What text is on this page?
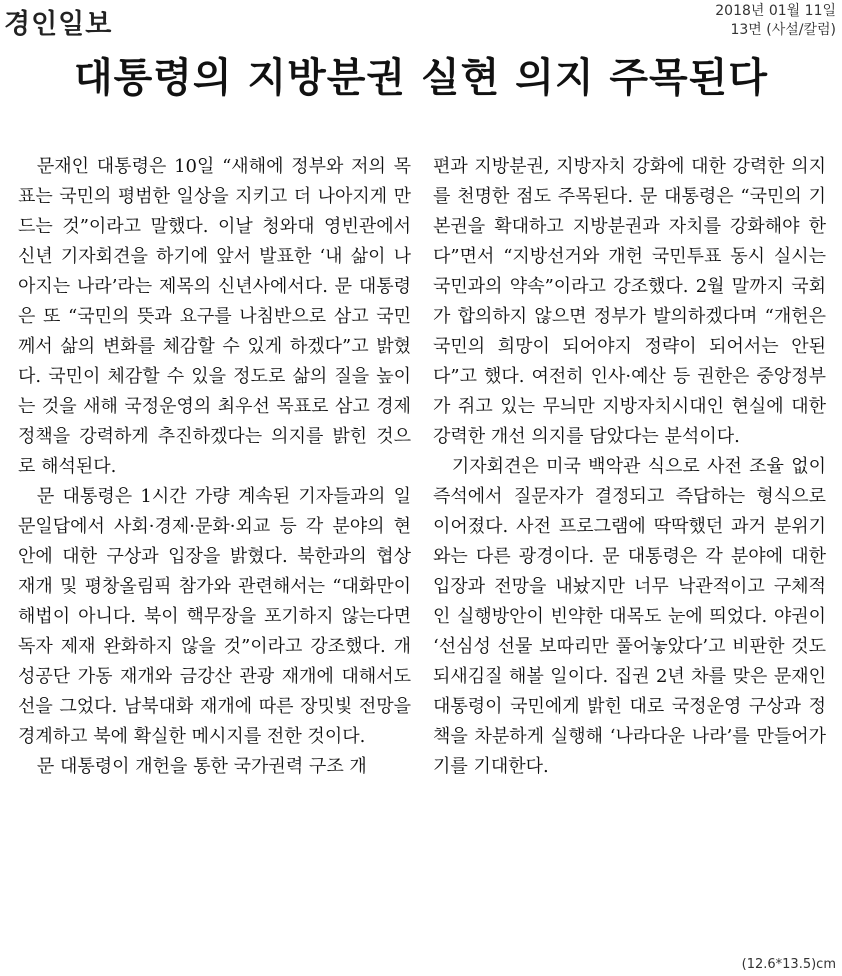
경인일보	2018년 01월 11일
13면 (사설/칼럼)
대통령의 지방분권 실현 의지 주목된다

문재인 대통령은 10일 “새해에 정부와 저의 목표는 국민의 평범한 일상을 지키고 더 나아지게 만드는 것”이라고 말했다. 이날 청와대 영빈관에서 신년 기자회견을 하기에 앞서 발표한 ‘내 삶이 나아지는 나라’라는 제목의 신년사에서다. 문 대통령은 또 “국민의 뜻과 요구를 나침반으로 삼고 국민께서 삶의 변화를 체감할 수 있게 하겠다”고 밝혔다. 국민이 체감할 수 있을 정도로 삶의 질을 높이는 것을 새해 국정운영의 최우선 목표로 삼고 경제 정책을 강력하게 추진하겠다는 의지를 밝힌 것으로 해석된다.

문 대통령은 1시간 가량 계속된 기자들과의 일문일답에서 사회·경제·문화·외교 등 각 분야의 현안에 대한 구상과 입장을 밝혔다. 북한과의 협상 재개 및 평창올림픽 참가와 관련해서는 “대화만이 해법이 아니다. 북이 핵무장을 포기하지 않는다면 독자 제재 완화하지 않을 것”이라고 강조했다. 개성공단 가동 재개와 금강산 관광 재개에 대해서도 선을 그었다. 남북대화 재개에 따른 장밋빛 전망을 경계하고 북에 확실한 메시지를 전한 것이다.

문 대통령이 개헌을 통한 국가권력 구조 개

편과 지방분권, 지방자치 강화에 대한 강력한 의지를 천명한 점도 주목된다. 문 대통령은 “국민의 기본권을 확대하고 지방분권과 자치를 강화해야 한다”면서 “지방선거와 개헌 국민투표 동시 실시는 국민과의 약속”이라고 강조했다. 2월 말까지 국회가 합의하지 않으면 정부가 발의하겠다며 “개헌은 국민의 희망이 되어야지 정략이 되어서는 안된다”고 했다. 여전히 인사·예산 등 권한은 중앙정부가 쥐고 있는 무늬만 지방자치시대인 현실에 대한 강력한 개선 의지를 담았다는 분석이다.

기자회견은 미국 백악관 식으로 사전 조율 없이 즉석에서 질문자가 결정되고 즉답하는 형식으로 이어졌다. 사전 프로그램에 딱딱했던 과거 분위기와는 다른 광경이다. 문 대통령은 각 분야에 대한 입장과 전망을 내놨지만 너무 낙관적이고 구체적인 실행방안이 빈약한 대목도 눈에 띄었다. 야권이 ‘선심성 선물 보따리만 풀어놓았다’고 비판한 것도 되새김질 해볼 일이다. 집권 2년 차를 맞은 문재인 대통령이 국민에게 밝힌 대로 국정운영 구상과 정책을 차분하게 실행해 ‘나라다운 나라’를 만들어가기를 기대한다.

(12.6*13.5)cm
